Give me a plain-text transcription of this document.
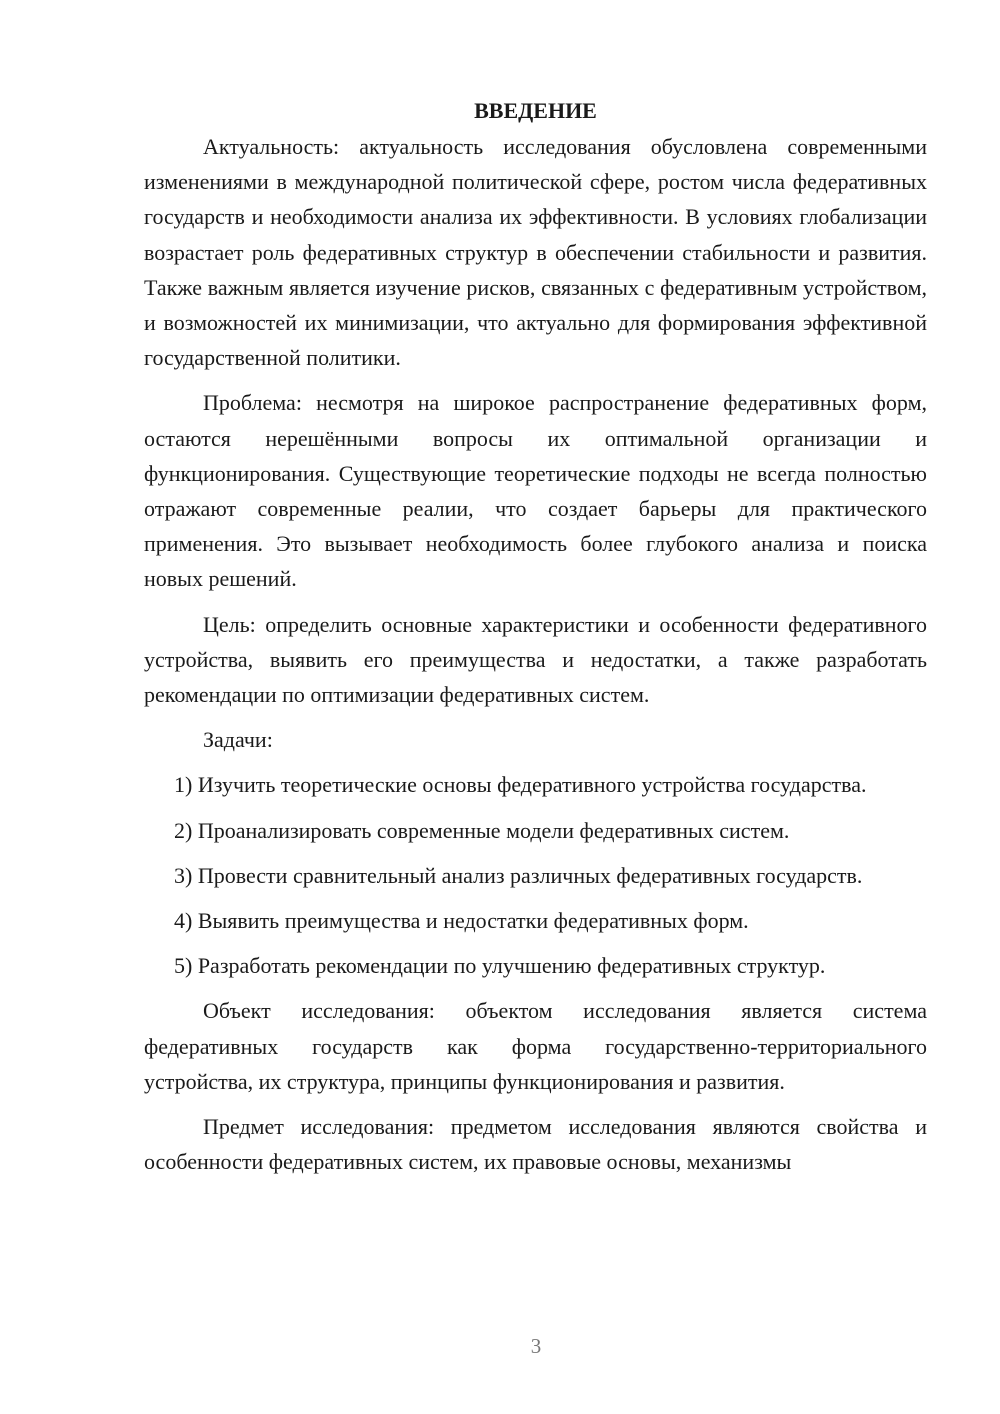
ВВЕДЕНИЕ

Актуальность: актуальность исследования обусловлена современными изменениями в международной политической сфере, ростом числа федеративных государств и необходимости анализа их эффективности. В условиях глобализации возрастает роль федеративных структур в обеспечении стабильности и развития. Также важным является изучение рисков, связанных с федеративным устройством, и возможностей их минимизации, что актуально для формирования эффективной государственной политики.

Проблема: несмотря на широкое распространение федеративных форм, остаются нерешёнными вопросы их оптимальной организации и функционирования. Существующие теоретические подходы не всегда полностью отражают современные реалии, что создает барьеры для практического применения. Это вызывает необходимость более глубокого анализа и поиска новых решений.

Цель: определить основные характеристики и особенности федеративного устройства, выявить его преимущества и недостатки, а также разработать рекомендации по оптимизации федеративных систем.

Задачи:

1) Изучить теоретические основы федеративного устройства государства.

2) Проанализировать современные модели федеративных систем.

3) Провести сравнительный анализ различных федеративных государств.

4) Выявить преимущества и недостатки федеративных форм.

5) Разработать рекомендации по улучшению федеративных структур.

Объект исследования: объектом исследования является система федеративных государств как форма государственно-территориального устройства, их структура, принципы функционирования и развития.

Предмет исследования: предметом исследования являются свойства и особенности федеративных систем, их правовые основы, механизмы

3
